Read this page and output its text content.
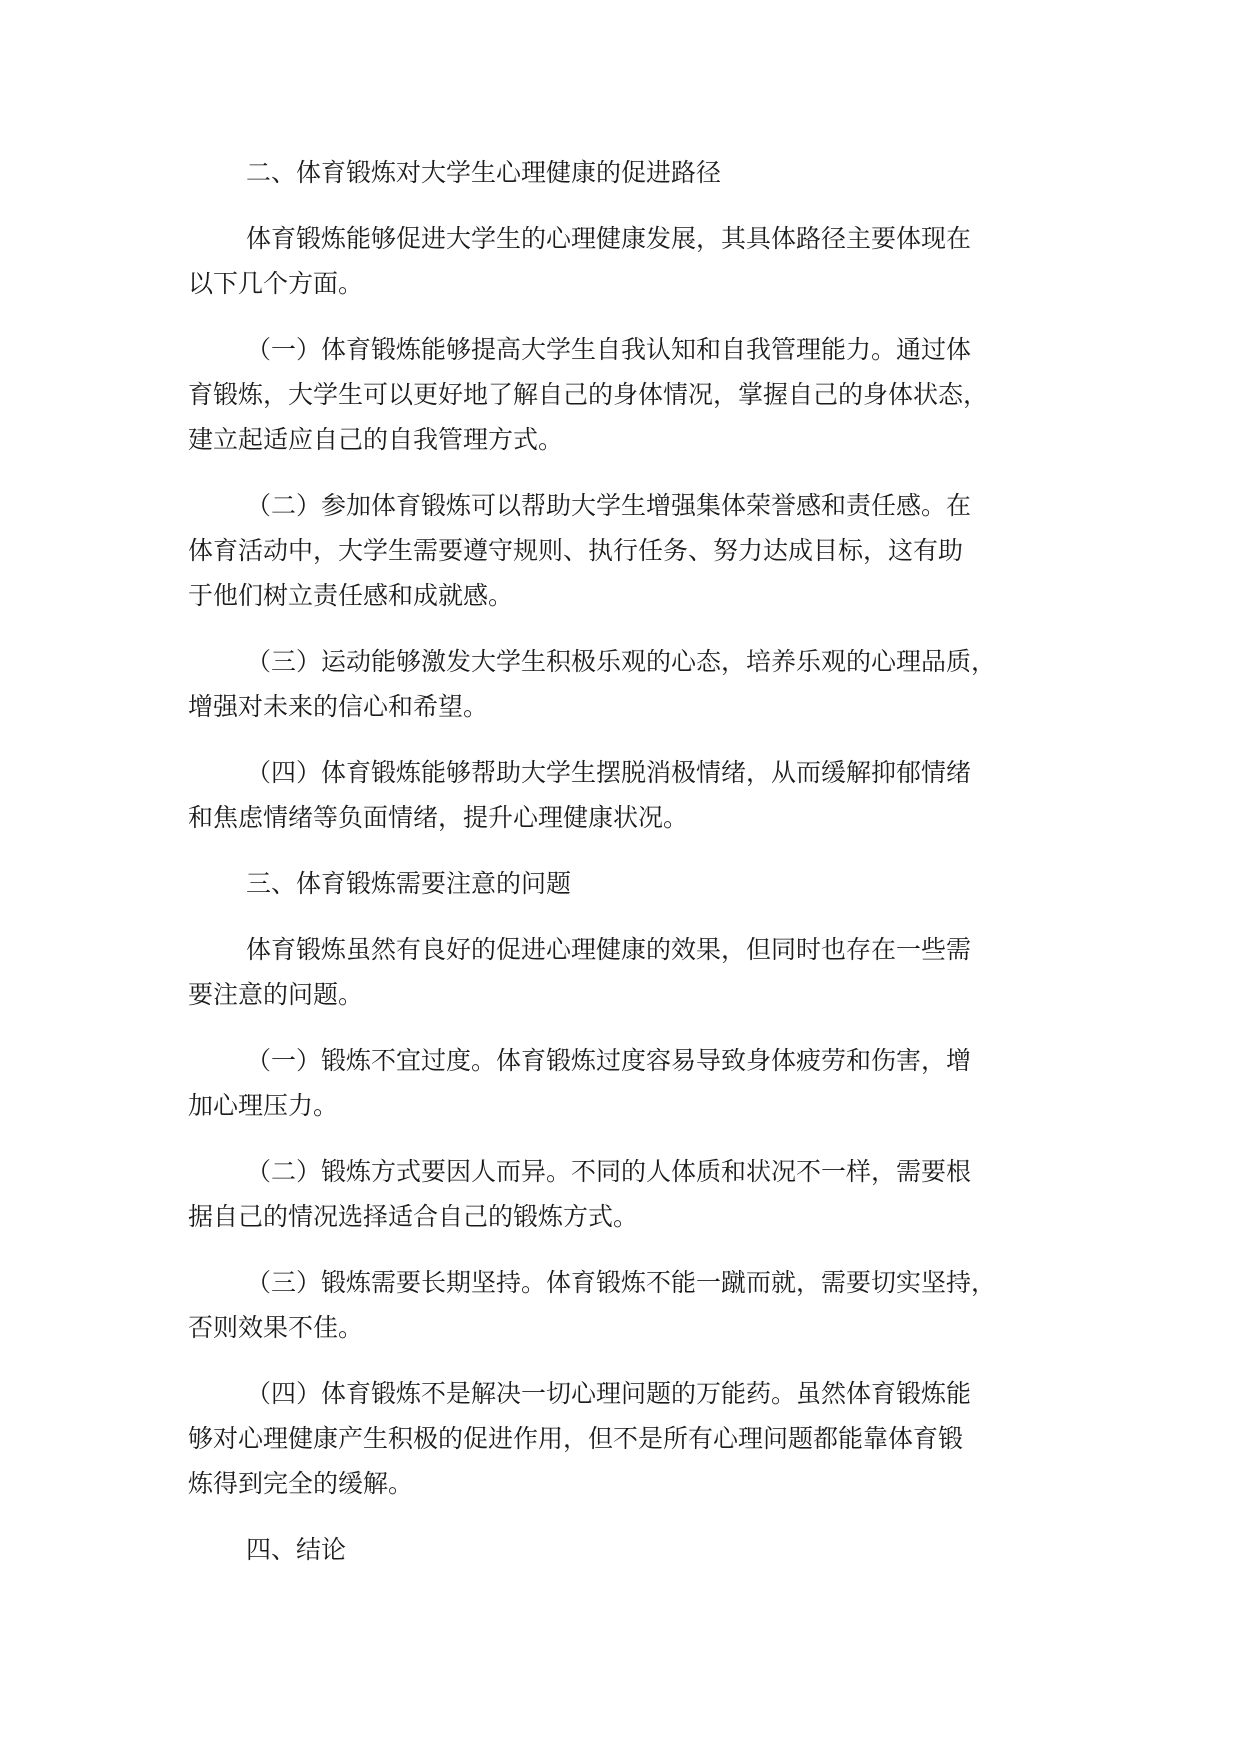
二、体育锻炼对大学生心理健康的促进路径
体育锻炼能够促进大学生的心理健康发展，其具体路径主要体现在
以下几个方面。
（一）体育锻炼能够提高大学生自我认知和自我管理能力。通过体
育锻炼，大学生可以更好地了解自己的身体情况，掌握自己的身体状态，
建立起适应自己的自我管理方式。
（二）参加体育锻炼可以帮助大学生增强集体荣誉感和责任感。在
体育活动中，大学生需要遵守规则、执行任务、努力达成目标，这有助
于他们树立责任感和成就感。
（三）运动能够激发大学生积极乐观的心态，培养乐观的心理品质，
增强对未来的信心和希望。
（四）体育锻炼能够帮助大学生摆脱消极情绪，从而缓解抑郁情绪
和焦虑情绪等负面情绪，提升心理健康状况。
三、体育锻炼需要注意的问题
体育锻炼虽然有良好的促进心理健康的效果，但同时也存在一些需
要注意的问题。
（一）锻炼不宜过度。体育锻炼过度容易导致身体疲劳和伤害，增
加心理压力。
（二）锻炼方式要因人而异。不同的人体质和状况不一样，需要根
据自己的情况选择适合自己的锻炼方式。
（三）锻炼需要长期坚持。体育锻炼不能一蹴而就，需要切实坚持，
否则效果不佳。
（四）体育锻炼不是解决一切心理问题的万能药。虽然体育锻炼能
够对心理健康产生积极的促进作用，但不是所有心理问题都能靠体育锻
炼得到完全的缓解。
四、结论
